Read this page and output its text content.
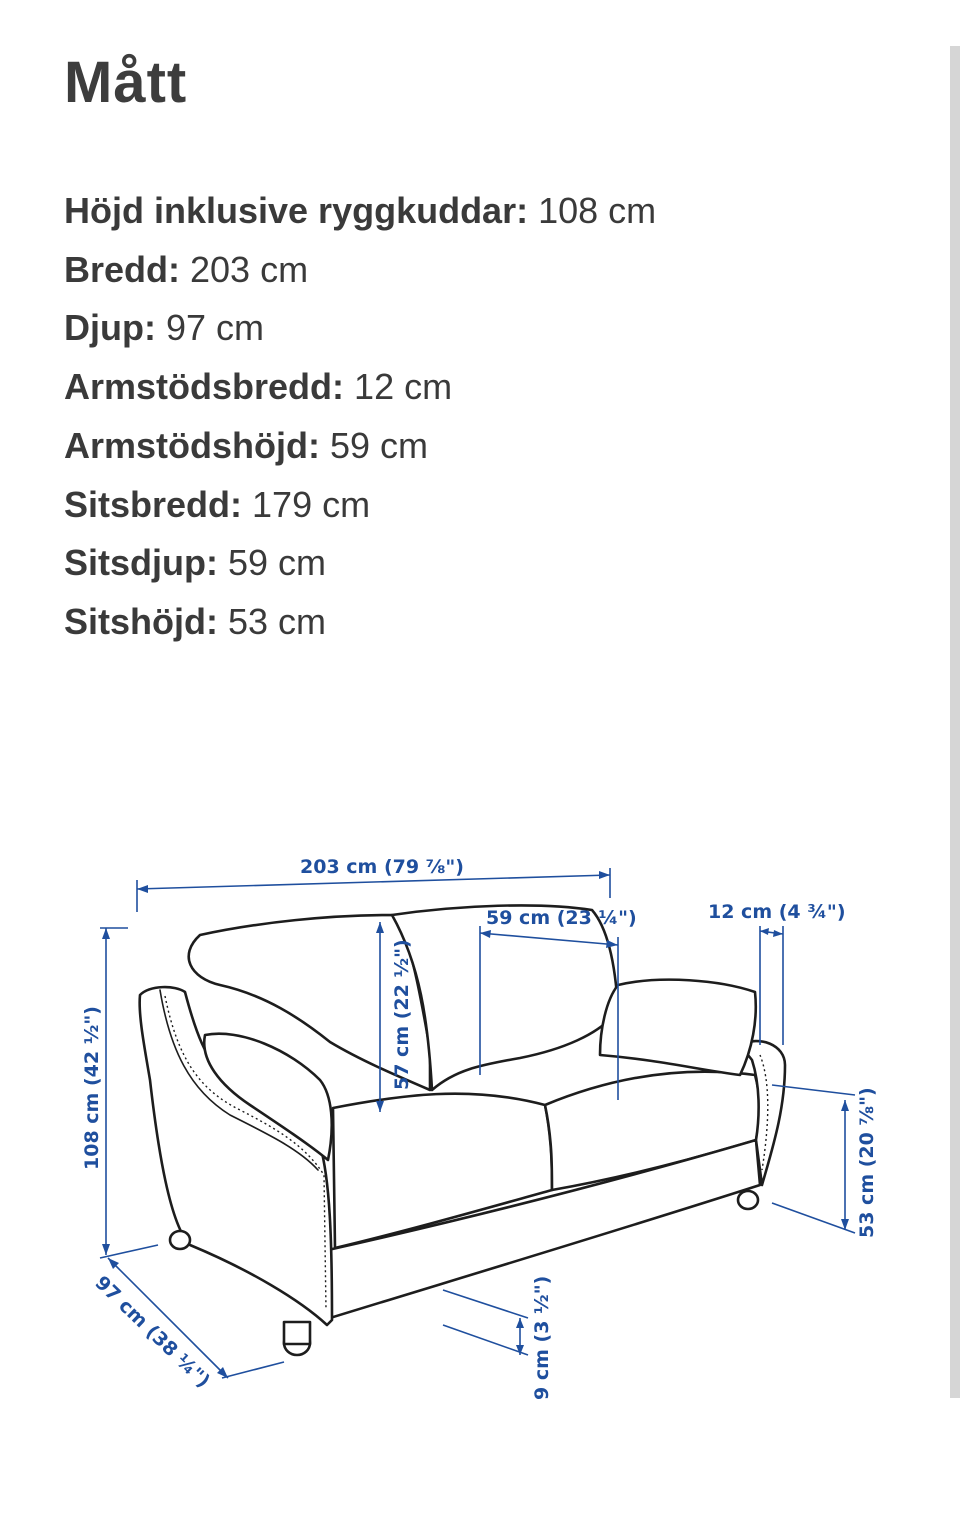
Mått
Höjd inklusive ryggkuddar: 108 cm
Bredd: 203 cm
Djup: 97 cm
Armstödsbredd: 12 cm
Armstödshöjd: 59 cm
Sitsbredd: 179 cm
Sitsdjup: 59 cm
Sitshöjd: 53 cm
203 cm (79 ⅞")
59 cm (23 ¼")	12 cm (4 ¾")
57 cm (22 ½")
108 cm (42 ½")	53 cm (20 ⅞")
97 cm (38 ¼")	9 cm (3 ½")
